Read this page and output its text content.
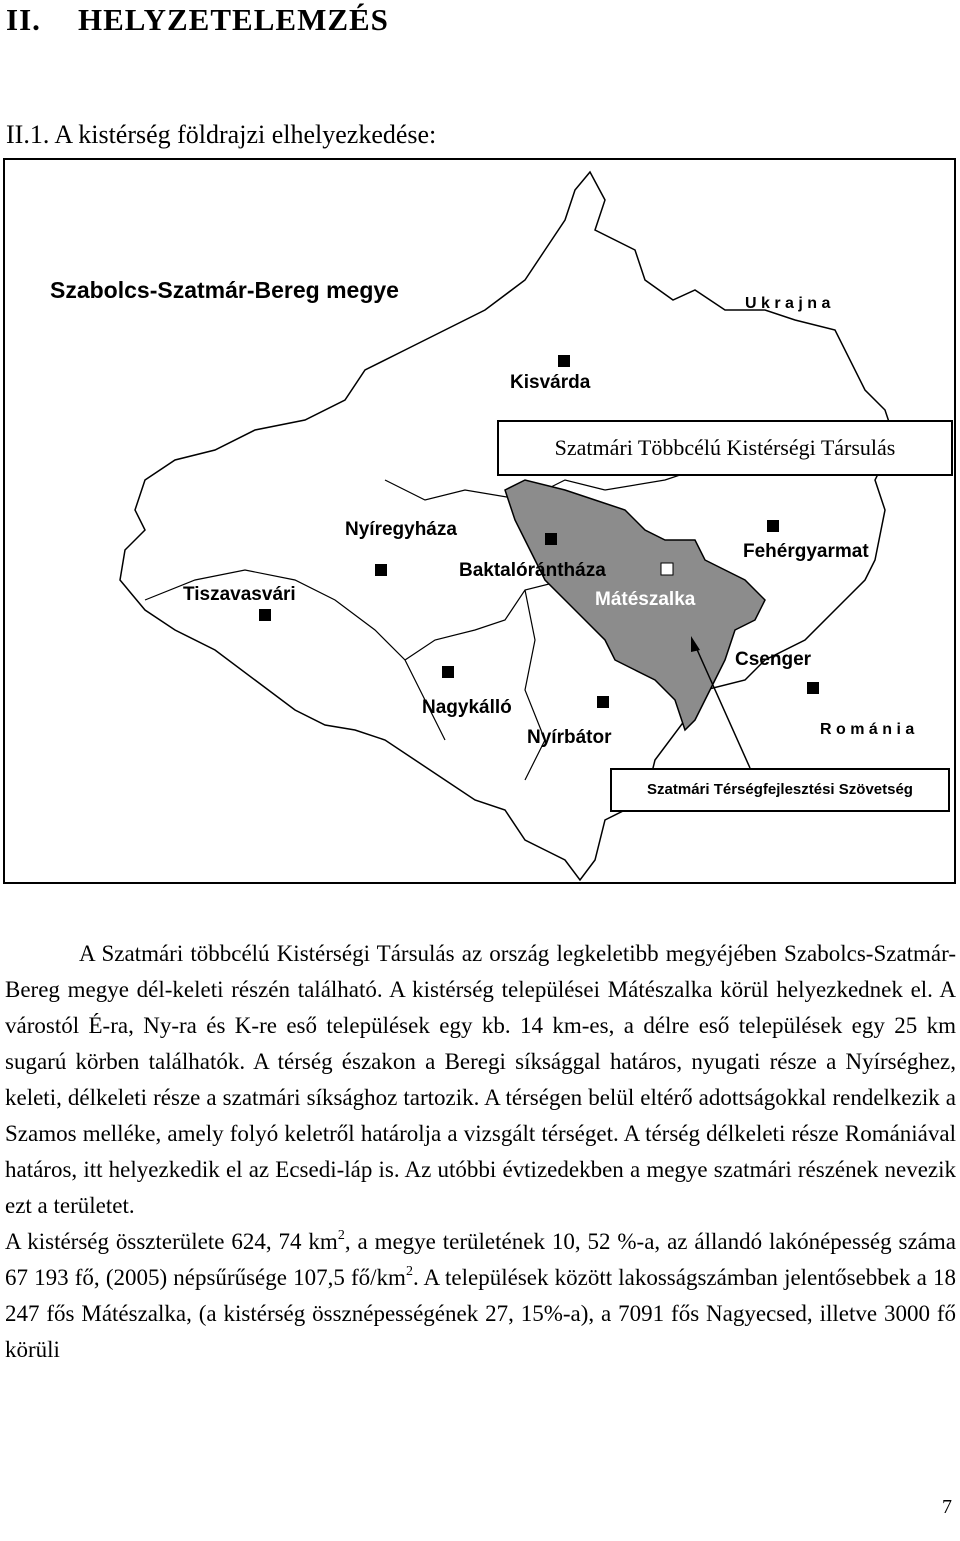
II. HELYZETELEMZÉS
II.1. A kistérség földrajzi elhelyezkedése:
Szabolcs-Szatmár-Bereg megye
U k r a j n a
R o m á n i a
Kisvárda
Nyíregyháza
Baktalórántháza
Mátészalka
Fehérgyarmat
Tiszavasvári
Csenger
Nagykálló
Nyírbátor
Szatmári Többcélú Kistérségi Társulás
Szatmári Térségfejlesztési Szövetség

A Szatmári többcélú Kistérségi Társulás az ország legkeletibb megyéjében Szabolcs-Szatmár-Bereg megye dél-keleti részén található. A kistérség települései Mátészalka körül helyezkednek el. A várostól É-ra, Ny-ra és K-re eső települések egy kb. 14 km-es, a délre eső települések egy 25 km sugarú körben találhatók. A térség északon a Beregi síksággal határos, nyugati része a Nyírséghez, keleti, délkeleti része a szatmári síksághoz tartozik. A térségen belül eltérő adottságokkal rendelkezik a Szamos melléke, amely folyó keletről határolja a vizsgált térséget. A térség délkeleti része Romániával határos, itt helyezkedik el az Ecsedi-láp is. Az utóbbi évtizedekben a megye szatmári részének nevezik ezt a területet.

A kistérség összterülete 624, 74 $km^2$, a megye területének 10, 52 %-a, az állandó lakónépesség száma 67 193 fő, (2005) népsűrűsége 107,5 $fő/km^2$. A települések között lakosságszámban jelentősebbek a 18 247 fős Mátészalka, (a kistérség össznépességének 27, 15%-a), a 7091 fős Nagyecsed, illetve 3000 fő körüli

7
